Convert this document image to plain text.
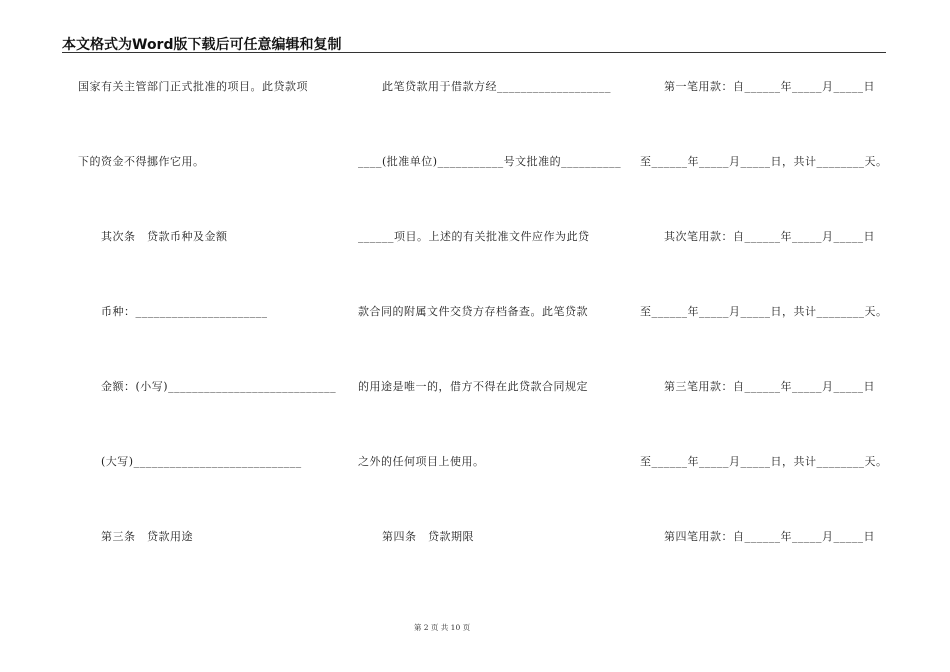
本文格式为Word版下载后可任意编辑和复制
国家有关主管部门正式批准的项目。此贷款项
下的资金不得挪作它用。
其次条　贷款币种及金额
币种：______________________
金额：(小写)____________________________
(大写)____________________________
第三条　贷款用途
此笔贷款用于借款方经___________________
____(批准单位)___________号文批准的__________
______项目。上述的有关批准文件应作为此贷
款合同的附属文件交贷方存档备查。此笔贷款
的用途是唯一的，借方不得在此贷款合同规定
之外的任何项目上使用。
第四条　贷款期限
第一笔用款：自______年_____月_____日
至______年_____月_____日，共计________天。
其次笔用款：自______年_____月_____日
至______年_____月_____日，共计________天。
第三笔用款：自______年_____月_____日
至______年_____月_____日，共计________天。
第四笔用款：自______年_____月_____日
第 2 页 共 10 页
